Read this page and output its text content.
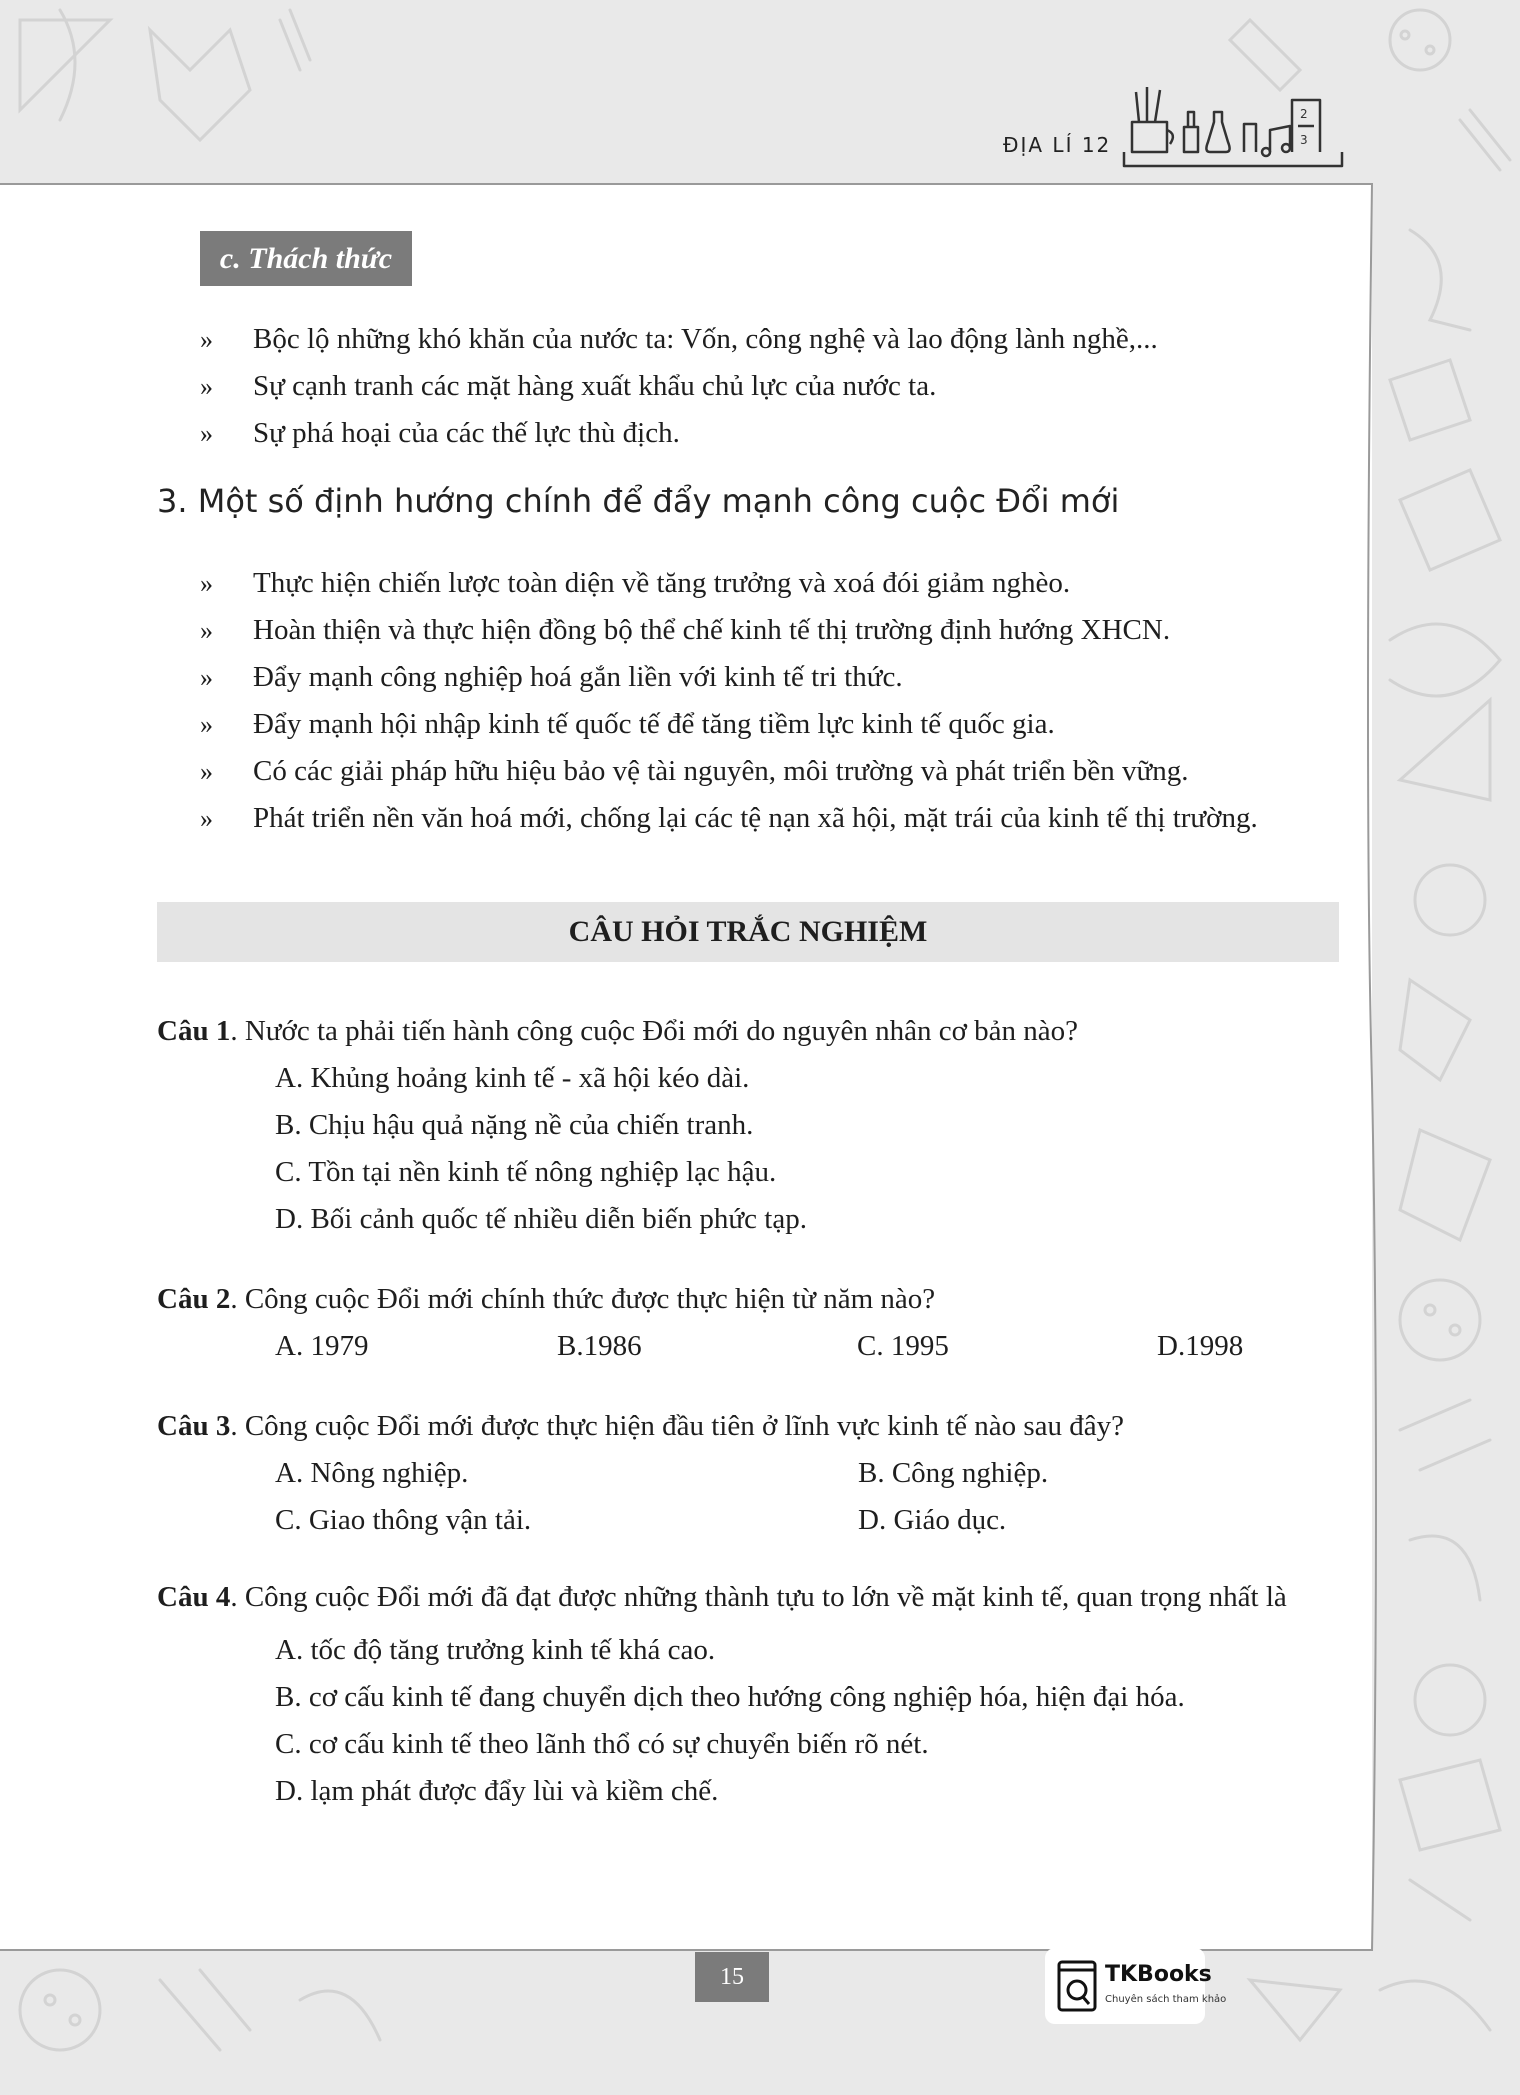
ĐỊA LÍ 12
2
3
c. Thách thức
» Bộc lộ những khó khăn của nước ta: Vốn, công nghệ và lao động lành nghề,...
» Sự cạnh tranh các mặt hàng xuất khẩu chủ lực của nước ta.
» Sự phá hoại của các thế lực thù địch.
3. Một số định hướng chính để đẩy mạnh công cuộc Đổi mới
» Thực hiện chiến lược toàn diện về tăng trưởng và xoá đói giảm nghèo.
» Hoàn thiện và thực hiện đồng bộ thể chế kinh tế thị trường định hướng XHCN.
» Đẩy mạnh công nghiệp hoá gắn liền với kinh tế tri thức.
» Đẩy mạnh hội nhập kinh tế quốc tế để tăng tiềm lực kinh tế quốc gia.
» Có các giải pháp hữu hiệu bảo vệ tài nguyên, môi trường và phát triển bền vững.
» Phát triển nền văn hoá mới, chống lại các tệ nạn xã hội, mặt trái của kinh tế thị trường.
CÂU HỎI TRẮC NGHIỆM
Câu 1. Nước ta phải tiến hành công cuộc Đổi mới do nguyên nhân cơ bản nào?
A. Khủng hoảng kinh tế - xã hội kéo dài.
B. Chịu hậu quả nặng nề của chiến tranh.
C. Tồn tại nền kinh tế nông nghiệp lạc hậu.
D. Bối cảnh quốc tế nhiều diễn biến phức tạp.
Câu 2. Công cuộc Đổi mới chính thức được thực hiện từ năm nào?
A. 1979	B.1986	C. 1995	D.1998
Câu 3. Công cuộc Đổi mới được thực hiện đầu tiên ở lĩnh vực kinh tế nào sau đây?
A. Nông nghiệp.	B. Công nghiệp.
C. Giao thông vận tải.	D. Giáo dục.
Câu 4. Công cuộc Đổi mới đã đạt được những thành tựu to lớn về mặt kinh tế, quan trọng nhất là
A. tốc độ tăng trưởng kinh tế khá cao.
B. cơ cấu kinh tế đang chuyển dịch theo hướng công nghiệp hóa, hiện đại hóa.
C. cơ cấu kinh tế theo lãnh thổ có sự chuyển biến rõ nét.
D. lạm phát được đẩy lùi và kiềm chế.
15	TKBooks
Chuyên sách tham khảo
